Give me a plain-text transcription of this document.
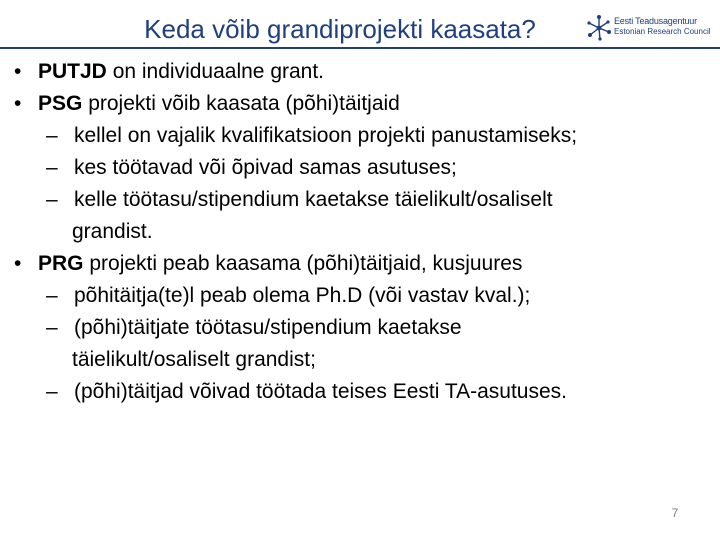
Keda võib grandiprojekti kaasata?	Eesti Teadusagentuur
Estonian Research Council
• PUTJD on individuaalne grant.
• PSG projekti võib kaasata (põhi)täitjaid
– kellel on vajalik kvalifikatsioon projekti panustamiseks;
– kes töötavad või õpivad samas asutuses;
– kelle töötasu/stipendium kaetakse täielikult/osaliselt
grandist.
• PRG projekti peab kaasama (põhi)täitjaid, kusjuures
– põhitäitja(te)l peab olema Ph.D (või vastav kval.);
– (põhi)täitjate töötasu/stipendium kaetakse
täielikult/osaliselt grandist;
– (põhi)täitjad võivad töötada teises Eesti TA-asutuses.
7
